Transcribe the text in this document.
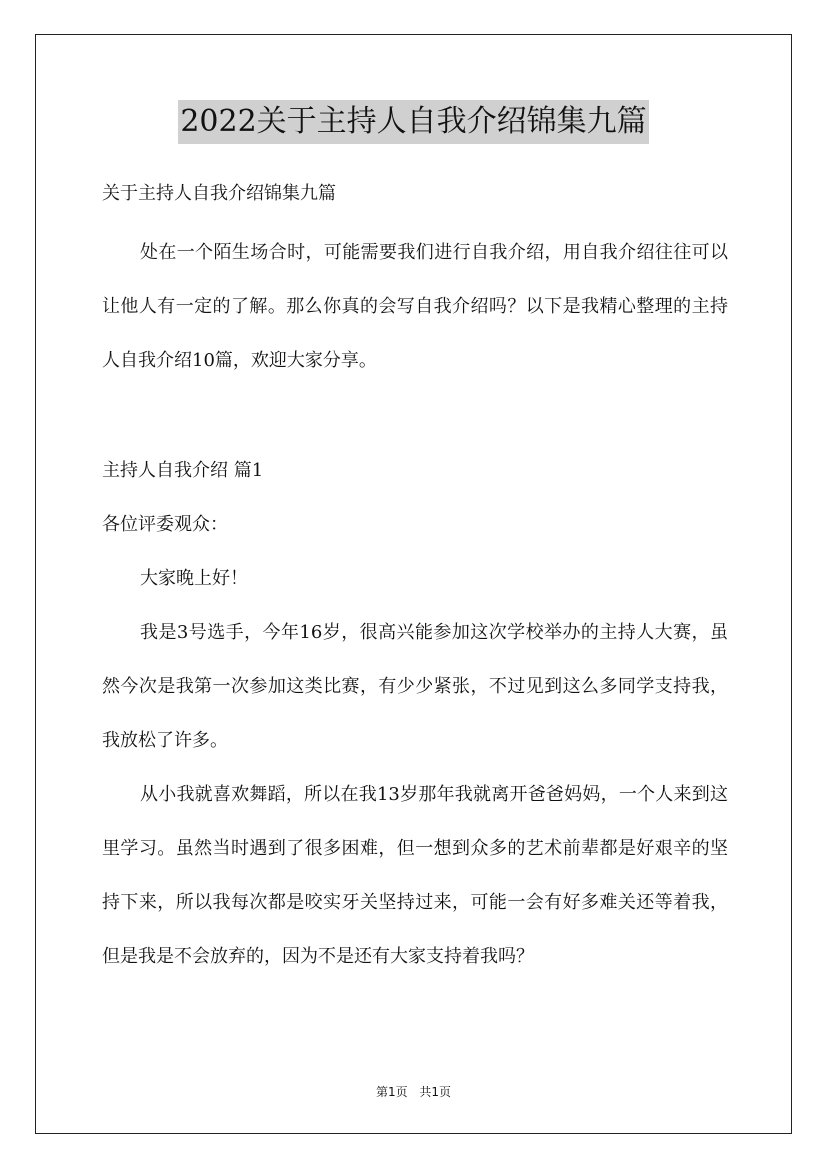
2022关于主持人自我介绍锦集九篇

关于主持人自我介绍锦集九篇

处在一个陌生场合时，可能需要我们进行自我介绍，用自我介绍往往可以让他人有一定的了解。那么你真的会写自我介绍吗？以下是我精心整理的主持人自我介绍10篇，欢迎大家分享。

主持人自我介绍 篇1

各位评委观众：

大家晚上好！

我是3号选手，今年16岁，很高兴能参加这次学校举办的主持人大赛，虽然今次是我第一次参加这类比赛，有少少紧张，不过见到这么多同学支持我，我放松了许多。

从小我就喜欢舞蹈，所以在我13岁那年我就离开爸爸妈妈，一个人来到这里学习。虽然当时遇到了很多困难，但一想到众多的艺术前辈都是好艰辛的坚持下来，所以我每次都是咬实牙关坚持过来，可能一会有好多难关还等着我，但是我是不会放弃的，因为不是还有大家支持着我吗？

第1页 共1页
